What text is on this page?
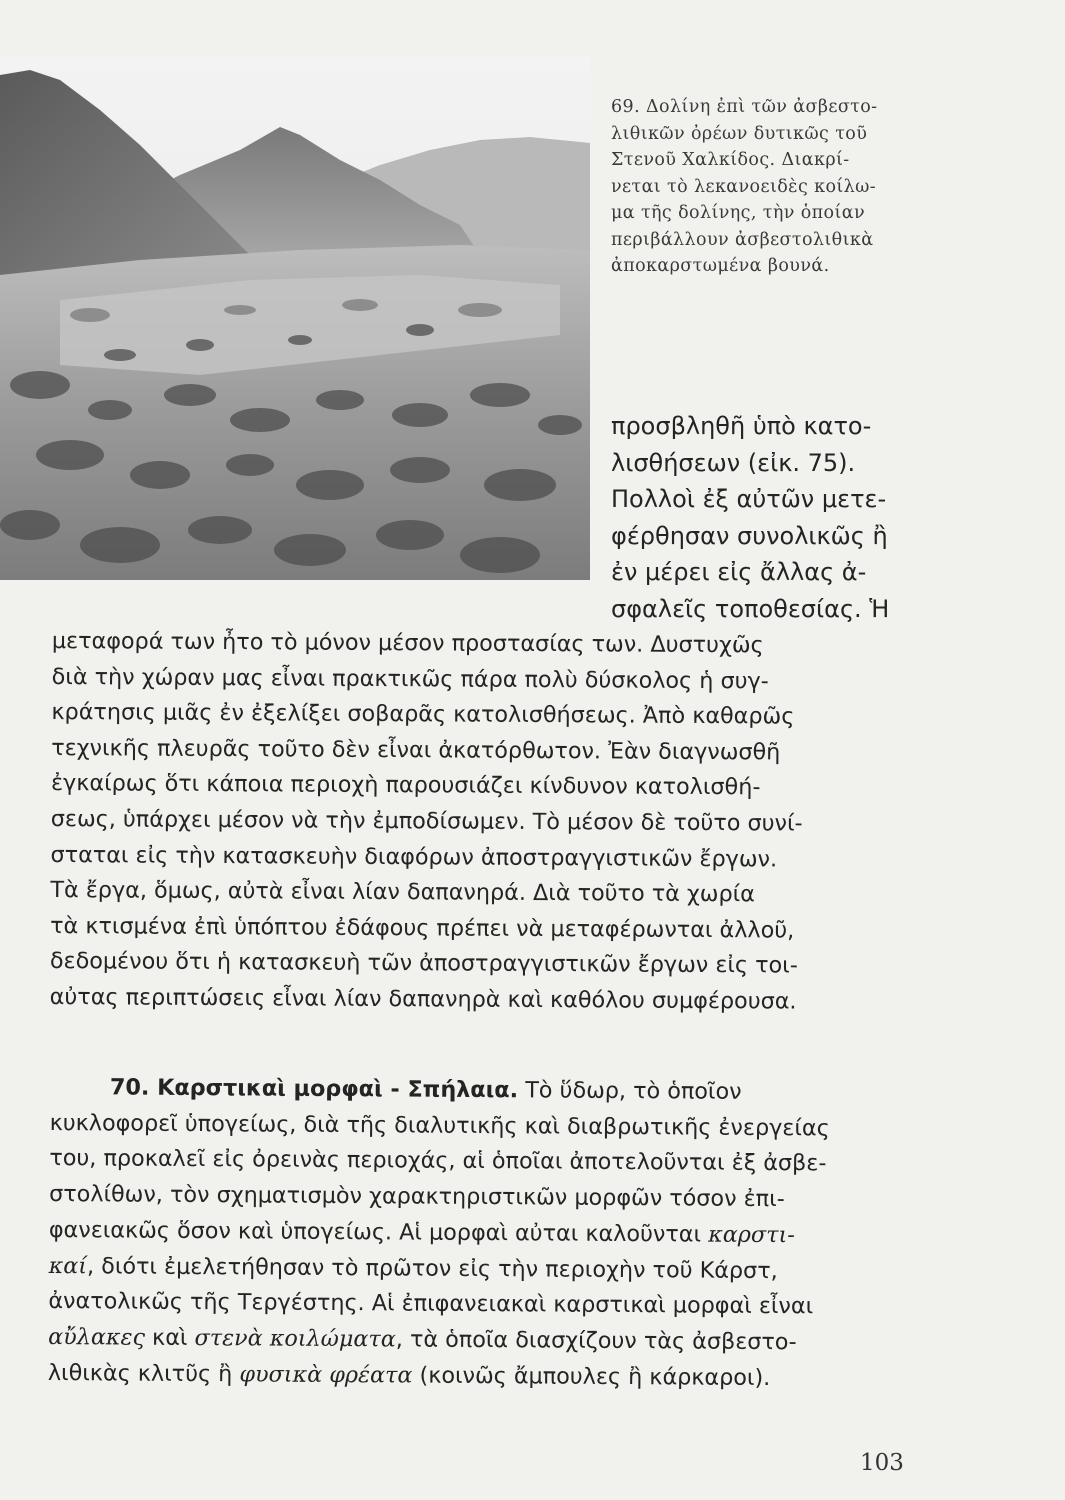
69. Δολίνη ἐπὶ τῶν ἀσβεστο-
λιθικῶν ὀρέων δυτικῶς τοῦ
Στενοῦ Χαλκίδος. Διακρί-
νεται τὸ λεκανοειδὲς κοίλω-
μα τῆς δολίνης, τὴν ὁποίαν
περιβάλλουν ἀσβεστολιθικὰ
ἀποκαρστωμένα βουνά.
προσβληθῆ ὑπὸ κατο-
λισθήσεων (εἰκ. 75).
Πολλοὶ ἐξ αὐτῶν μετε-
φέρθησαν συνολικῶς ἢ
ἐν μέρει εἰς ἄλλας ἀ-
σφαλεῖς τοποθεσίας. Ἡ
μεταφορά των ἦτο τὸ μόνον μέσον προστασίας των. Δυστυχῶς
διὰ τὴν χώραν μας εἶναι πρακτικῶς πάρα πολὺ δύσκολος ἡ συγ-
κράτησις μιᾶς ἐν ἐξελίξει σοβαρᾶς κατολισθήσεως. Ἀπὸ καθαρῶς
τεχνικῆς πλευρᾶς τοῦτο δὲν εἶναι ἀκατόρθωτον. Ἐὰν διαγνωσθῆ
ἐγκαίρως ὅτι κάποια περιοχὴ παρουσιάζει κίνδυνον κατολισθή-
σεως, ὑπάρχει μέσον νὰ τὴν ἐμποδίσωμεν. Τὸ μέσον δὲ τοῦτο συνί-
σταται εἰς τὴν κατασκευὴν διαφόρων ἀποστραγγιστικῶν ἔργων.
Τὰ ἔργα, ὅμως, αὐτὰ εἶναι λίαν δαπανηρά. Διὰ τοῦτο τὰ χωρία
τὰ κτισμένα ἐπὶ ὑπόπτου ἐδάφους πρέπει νὰ μεταφέρωνται ἀλλοῦ,
δεδομένου ὅτι ἡ κατασκευὴ τῶν ἀποστραγγιστικῶν ἔργων εἰς τοι-
αὐτας περιπτώσεις εἶναι λίαν δαπανηρὰ καὶ καθόλου συμφέρουσα.
70. Καρστικαὶ μορφαὶ - Σπήλαια. Τὸ ὕδωρ, τὸ ὁποῖον
κυκλοφορεῖ ὑπογείως, διὰ τῆς διαλυτικῆς καὶ διαβρωτικῆς ἐνεργείας
του, προκαλεῖ εἰς ὀρεινὰς περιοχάς, αἱ ὁποῖαι ἀποτελοῦνται ἐξ ἀσβε-
στολίθων, τὸν σχηματισμὸν χαρακτηριστικῶν μορφῶν τόσον ἐπι-
φανειακῶς ὅσον καὶ ὑπογείως. Αἱ μορφαὶ αὐται καλοῦνται καρστι-
καί, διότι ἐμελετήθησαν τὸ πρῶτον εἰς τὴν περιοχὴν τοῦ Κάρστ,
ἀνατολικῶς τῆς Τεργέστης. Αἱ ἐπιφανειακαὶ καρστικαὶ μορφαὶ εἶναι
αὔλακες καὶ στενὰ κοιλώματα, τὰ ὁποῖα διασχίζουν τὰς ἀσβεστο-
λιθικὰς κλιτῦς ἢ φυσικὰ φρέατα (κοινῶς ἄμπουλες ἢ κάρκαροι).
103
